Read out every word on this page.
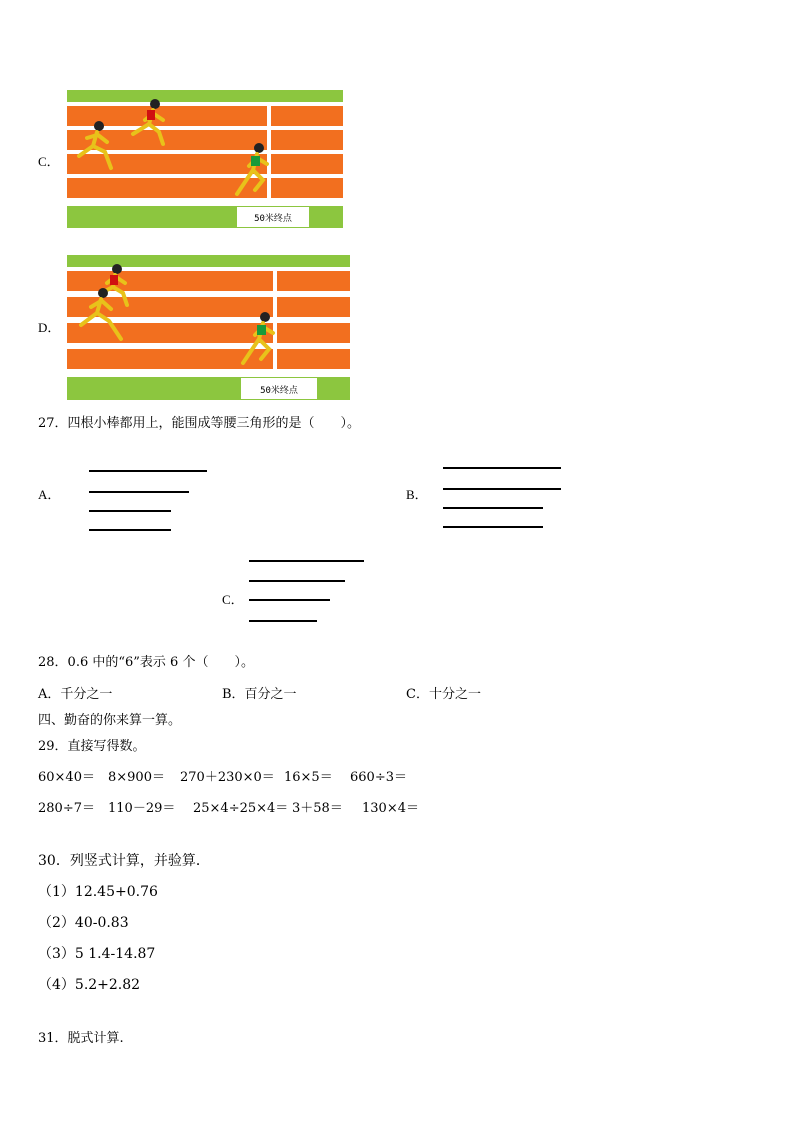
C．
50米终点
D．
50米终点
27．四根小棒都用上，能围成等腰三角形的是（　　）。
A．	B．
C．
28．0.6 中的“6”表示 6 个（　　）。
A．千分之一	B．百分之一	C．十分之一
四、勤奋的你来算一算。
29．直接写得数。
60×40＝ 8×900＝ 270＋230×0＝ 16×5＝ 660÷3＝
280÷7＝ 110－29＝ 25×4÷25×4＝ 3＋58＝ 130×4＝
30．列竖式计算，并验算．
（1）12.45+0.76
（2）40-0.83
（3）5 1.4-14.87
（4）5.2+2.82
31．脱式计算.
